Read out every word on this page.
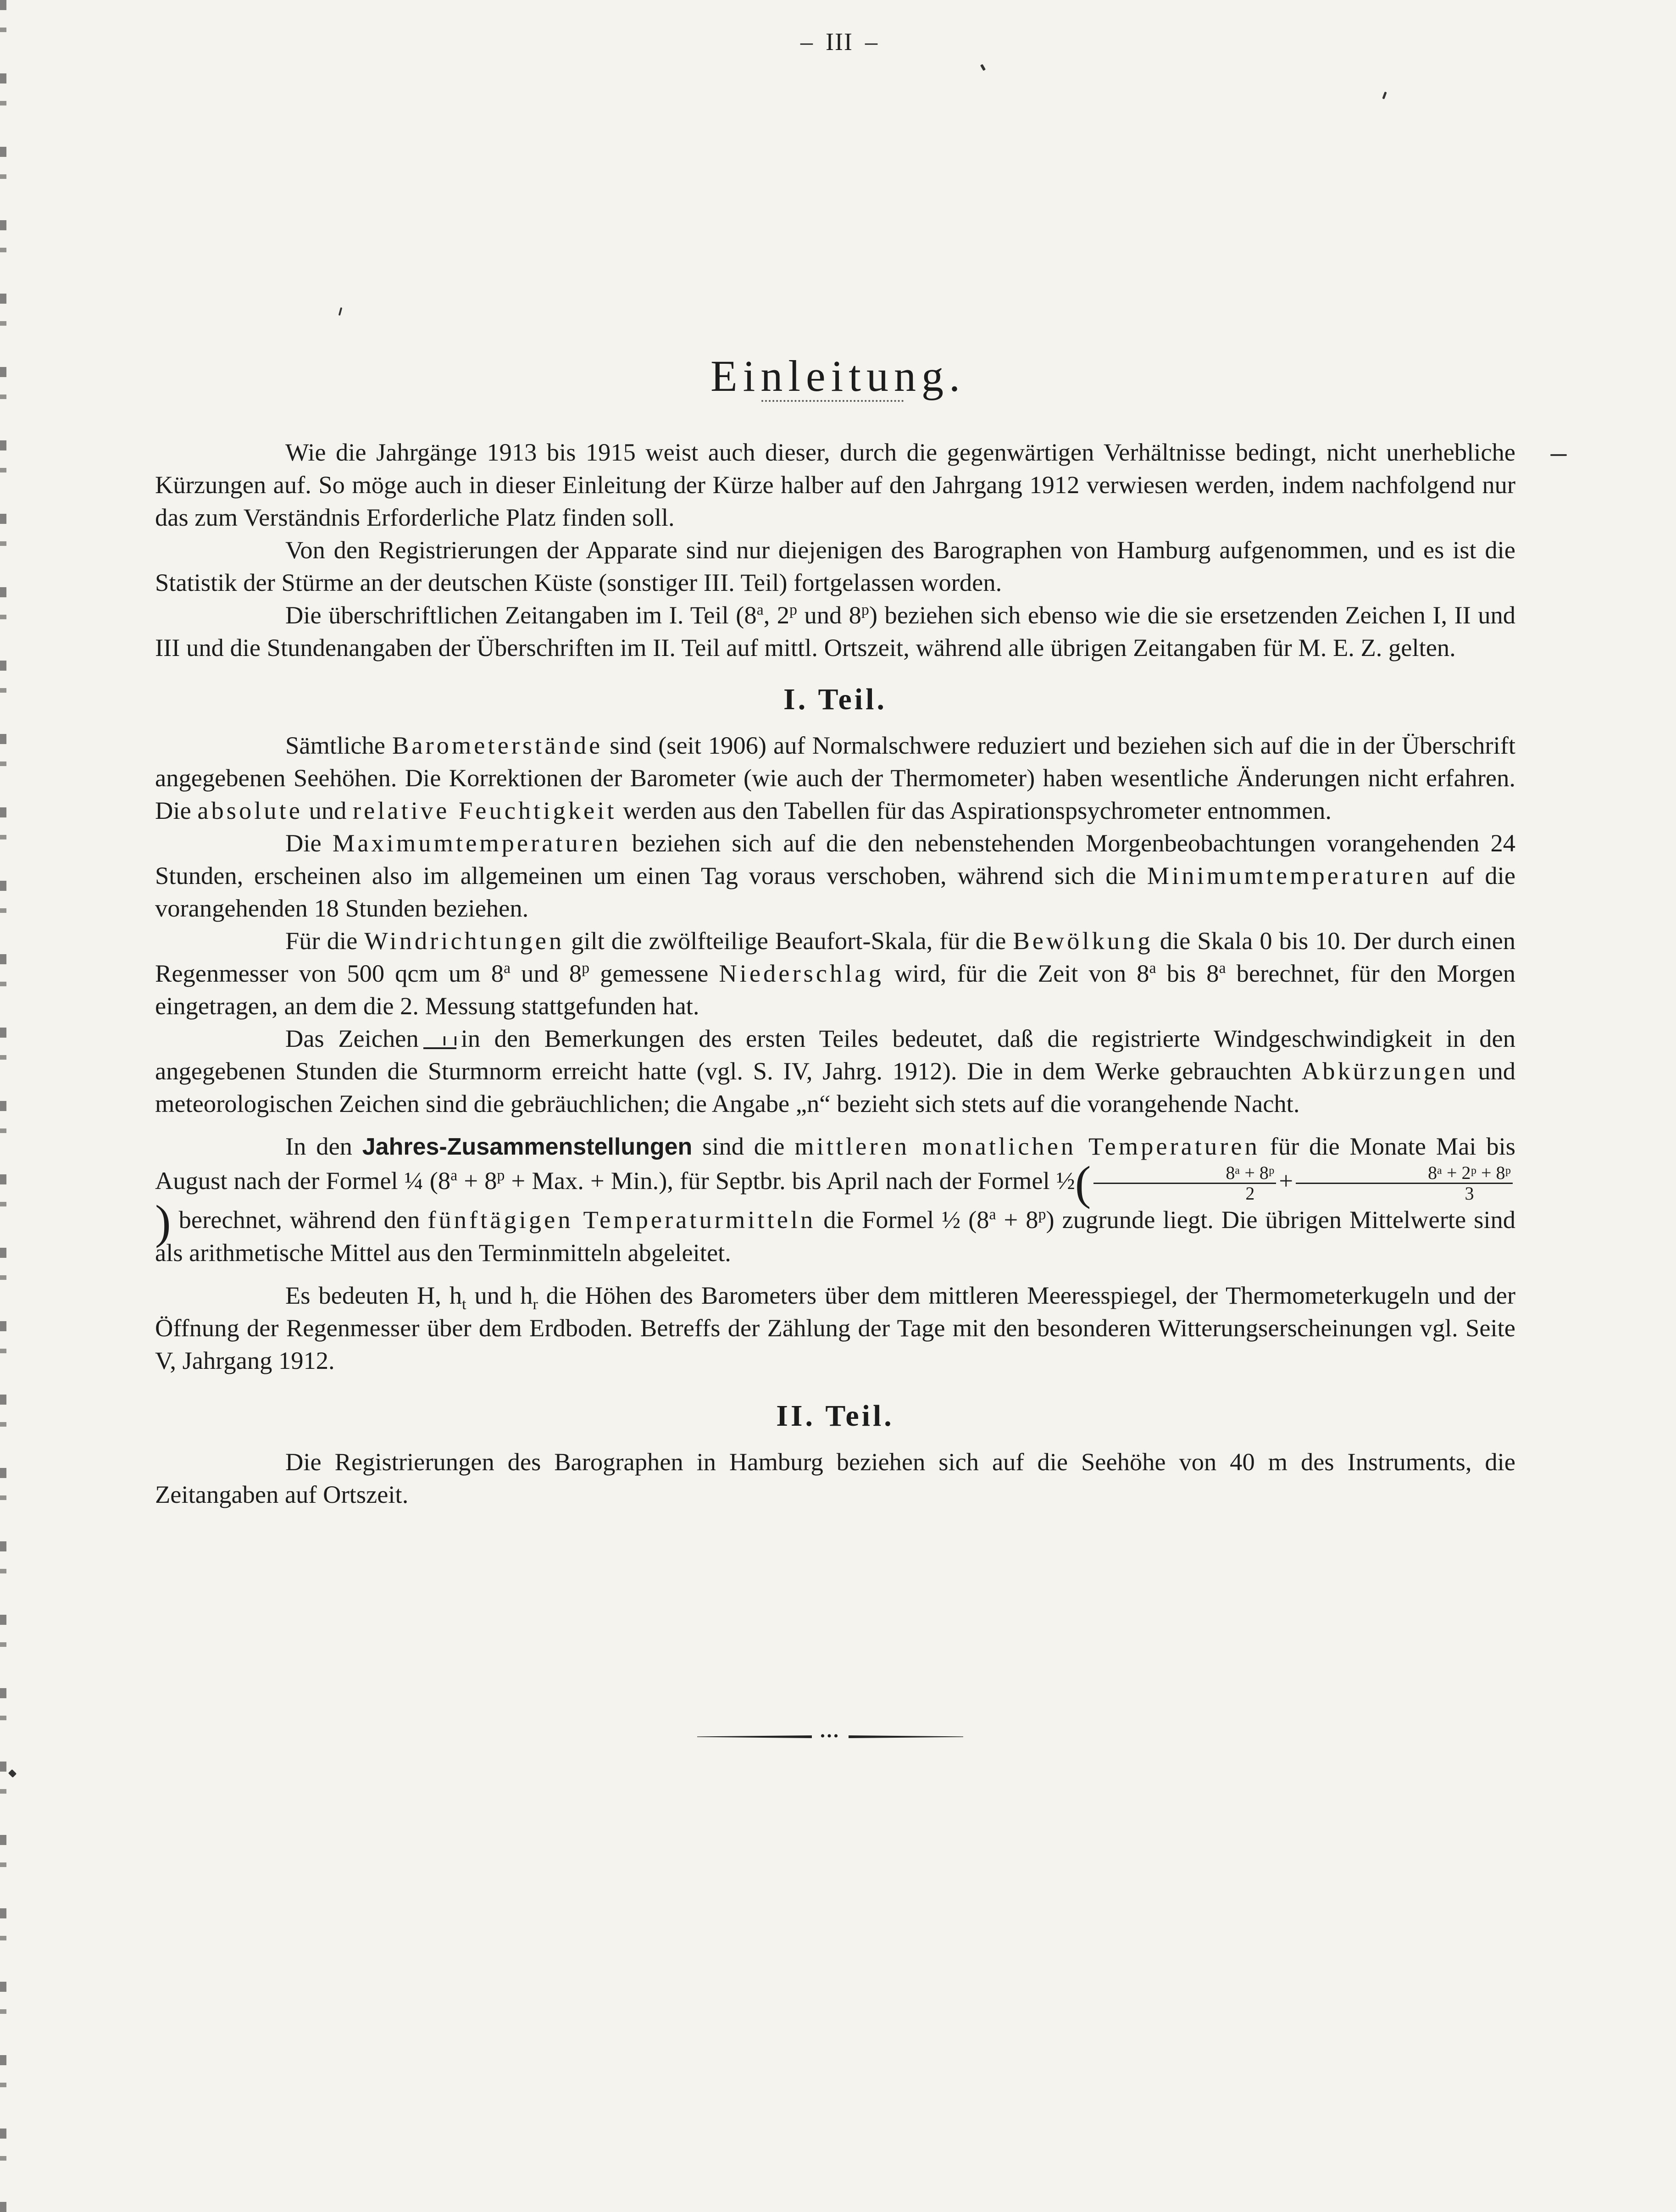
– III –
Einleitung.

Wie die Jahrgänge 1913 bis 1915 weist auch dieser, durch die gegenwärtigen Verhältnisse bedingt, nicht unerhebliche Kürzungen auf. So möge auch in dieser Einleitung der Kürze halber auf den Jahrgang 1912 verwiesen werden, indem nachfolgend nur das zum Verständnis Erforderliche Platz finden soll.

Von den Registrierungen der Apparate sind nur diejenigen des Barographen von Hamburg aufgenommen, und es ist die Statistik der Stürme an der deutschen Küste (sonstiger III. Teil) fortgelassen worden.

Die überschriftlichen Zeitangaben im I. Teil (8$^a$, 2$^p$ und 8$^p$) beziehen sich ebenso wie die sie ersetzenden Zeichen I, II und III und die Stundenangaben der Überschriften im II. Teil auf mittl. Ortszeit, während alle übrigen Zeitangaben für M. E. Z. gelten.

I. Teil.

Sämtliche Barometerstände sind (seit 1906) auf Normalschwere reduziert und beziehen sich auf die in der Überschrift angegebenen Seehöhen. Die Korrektionen der Barometer (wie auch der Thermometer) haben wesentliche Änderungen nicht erfahren. Die absolute und relative Feuchtigkeit werden aus den Tabellen für das Aspirationspsychrometer entnommen.

Die Maximumtemperaturen beziehen sich auf die den nebenstehenden Morgenbeobachtungen vorangehenden 24 Stunden, erscheinen also im allgemeinen um einen Tag voraus verschoben, während sich die Minimumtemperaturen auf die vorangehenden 18 Stunden beziehen.

Für die Windrichtungen gilt die zwölfteilige Beaufort-Skala, für die Bewölkung die Skala 0 bis 10. Der durch einen Regenmesser von 500 qcm um 8$^a$ und 8$^p$ gemessene Niederschlag wird, für die Zeit von 8$^a$ bis 8$^a$ berechnet, für den Morgen eingetragen, an dem die 2. Messung stattgefunden hat.

Das Zeichen in den Bemerkungen des ersten Teiles bedeutet, daß die registrierte Windgeschwindigkeit in den angegebenen Stunden die Sturmnorm erreicht hatte (vgl. S. IV, Jahrg. 1912). Die in dem Werke gebrauchten Abkürzungen und meteorologischen Zeichen sind die gebräuchlichen; die Angabe „n“ bezieht sich stets auf die vorangehende Nacht.

In den Jahres-Zusammenstellungen sind die mittleren monatlichen Temperaturen für die Monate Mai bis August nach der Formel ¼ ($8^a + 8^p$ + Max. + Min.), für Septbr. bis April nach der Formel ½( $\frac{\text{8ᵃ + 8ᵖ}}{2} + \frac{\text{8ᵃ + 2ᵖ + 8ᵖ}}{3}$
) berechnet, während den fünftägigen Temperaturmitteln die Formel ½ $(8^a + 8^p)$ zugrunde liegt. Die übrigen Mittelwerte sind als arithmetische Mittel aus den Terminmitteln abgeleitet.

Es bedeuten H, $h_t$ und $h_r$ die Höhen des Barometers über dem mittleren Meeresspiegel, der Thermometerkugeln und der Öffnung der Regenmesser über dem Erdboden. Betreffs der Zählung der Tage mit den besonderen Witterungserscheinungen vgl. Seite V, Jahrgang 1912.

II. Teil.

Die Registrierungen des Barographen in Hamburg beziehen sich auf die Seehöhe von 40 m des Instruments, die Zeitangaben auf Ortszeit.

•••
